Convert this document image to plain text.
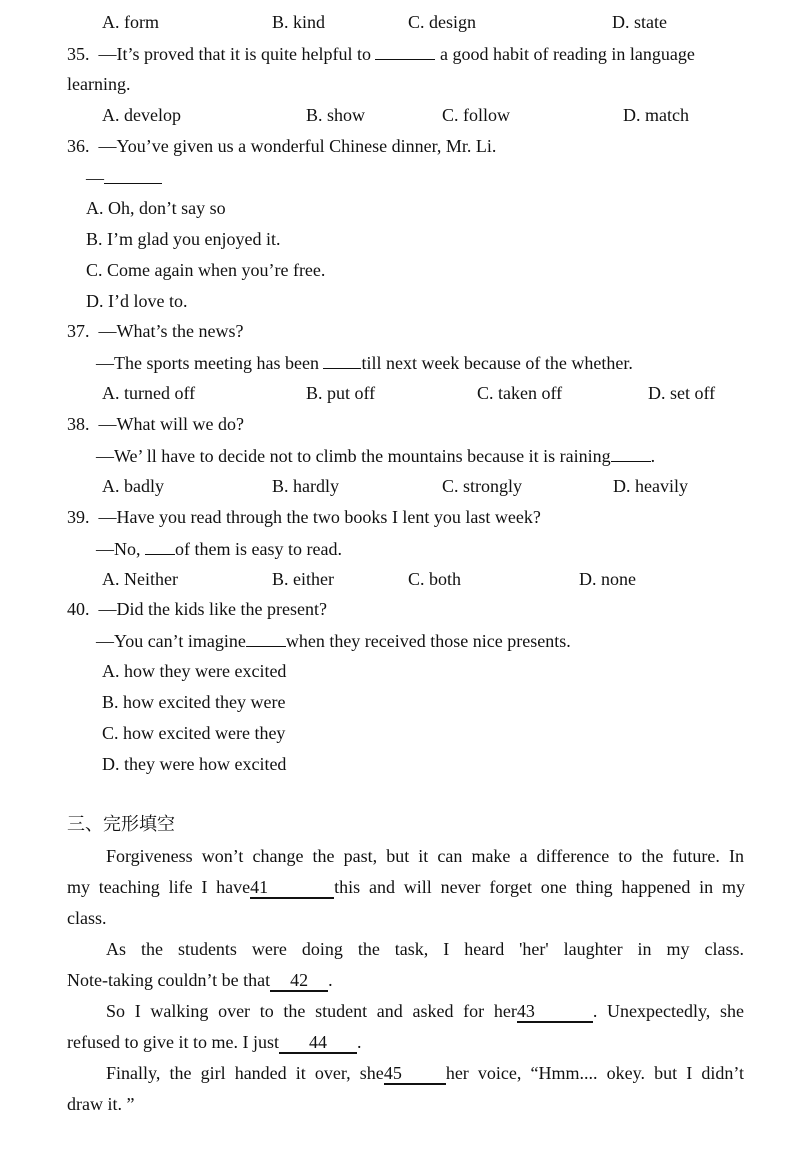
A. form	B. kind	C. design	D. state
35. —It’s proved that it is quite helpful to	a good habit of reading in language
learning.
A. develop	B. show	C. follow	D. match
36. —You’ve given us a wonderful Chinese dinner, Mr. Li.
—
A. Oh, don’t say so
B. I’m glad you enjoyed it.
C. Come again when you’re free.
D. I’d love to.
37. —What’s the news?
—The sports meeting has been till next week because of the whether.
A. turned off	B. put off	C. taken off	D. set off
38. —What will we do?
—We’ ll have to decide not to climb the mountains because it is raining .
A. badly	B. hardly	C. strongly	D. heavily
39. —Have you read through the two books I lent you last week?
—No, of them is easy to read.
A. Neither	B. either	C. both	D. none
40. —Did the kids like the present?
—You can’t imagine when they received those nice presents.
A. how they were excited
B. how excited they were
C. how excited were they
D. they were how excited
三、完形填空
Forgiveness won’t change the past, but it can make a difference to the future. In
my teaching life I have41	this and will never forget one thing happened in my
class.
As the students were doing the task, I heard 'her' laughter in my class.
Note-taking couldn’t be that 42 .
So I walking over to the student and asked for her43	. Unexpectedly, she
refused to give it to me. I just 44 .
Finally, the girl handed it over, she45 her voice, “Hmm.... okey. but I didn’t
draw it. ”
